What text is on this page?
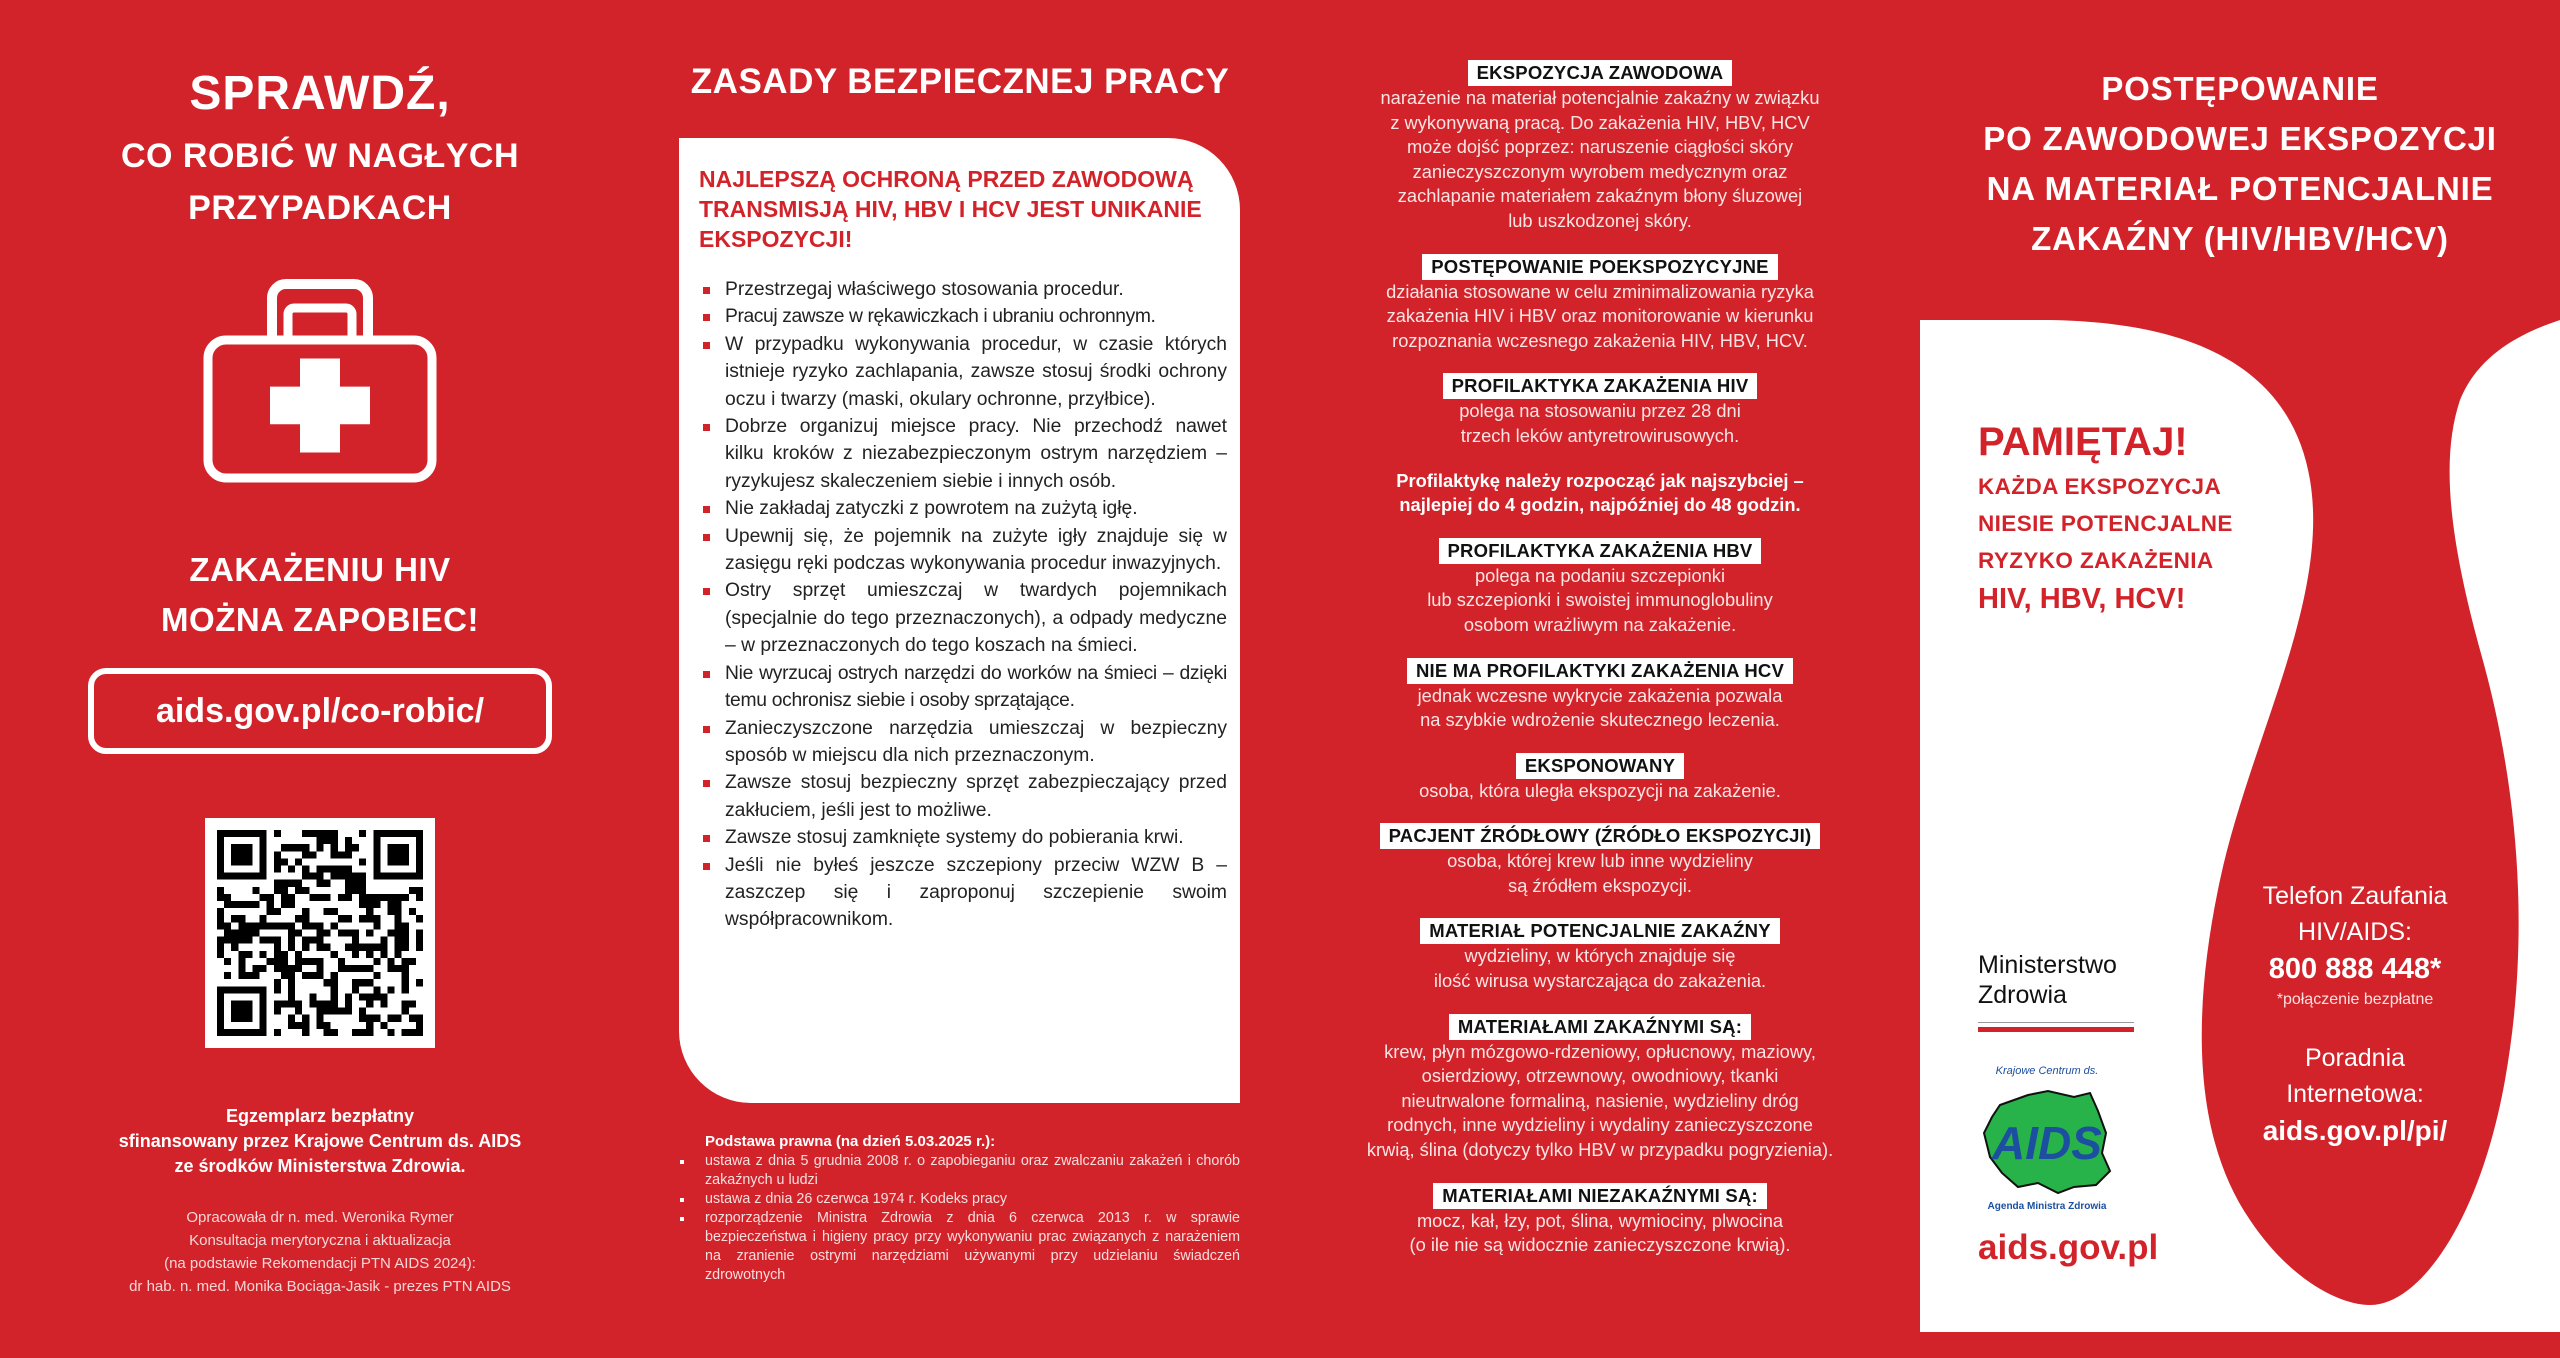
SPRAWDŹ,
CO ROBIĆ W NAGŁYCH
PRZYPADKACH
ZAKAŻENIU HIV
MOŻNA ZAPOBIEC!
aids.gov.pl/co-robic/
Egzemplarz bezpłatny
sfinansowany przez Krajowe Centrum ds. AIDS
ze środków Ministerstwa Zdrowia.
Opracowała dr n. med. Weronika Rymer
Konsultacja merytoryczna i aktualizacja
(na podstawie Rekomendacji PTN AIDS 2024):
dr hab. n. med. Monika Bociąga-Jasik - prezes PTN AIDS
ZASADY BEZPIECZNEJ PRACY
NAJLEPSZĄ OCHRONĄ PRZED ZAWODOWĄ TRANSMISJĄ HIV, HBV I HCV JEST UNIKANIE EKSPOZYCJI!
Przestrzegaj właściwego stosowania procedur.
Pracuj zawsze w rękawiczkach i ubraniu ochronnym.
W przypadku wykonywania procedur, w czasie których istnieje ryzyko zachlapania, zawsze stosuj środki ochrony oczu i twarzy (maski, okulary ochronne, przyłbice).
Dobrze organizuj miejsce pracy. Nie przechodź nawet kilku kroków z niezabezpieczonym ostrym narzędziem – ryzykujesz skaleczeniem siebie i innych osób.
Nie zakładaj zatyczki z powrotem na zużytą igłę.
Upewnij się, że pojemnik na zużyte igły znajduje się w zasięgu ręki podczas wykonywania procedur inwazyjnych.
Ostry sprzęt umieszczaj w twardych pojemnikach (specjalnie do tego przeznaczonych), a odpady medyczne – w przeznaczonych do tego koszach na śmieci.
Nie wyrzucaj ostrych narzędzi do worków na śmieci – dzięki temu ochronisz siebie i osoby sprzątające.
Zanieczyszczone narzędzia umieszczaj w bezpieczny sposób w miejscu dla nich przeznaczonym.
Zawsze stosuj bezpieczny sprzęt zabezpieczający przed zakłuciem, jeśli jest to możliwe.
Zawsze stosuj zamknięte systemy do pobierania krwi.
Jeśli nie byłeś jeszcze szczepiony przeciw WZW B – zaszczep się i zaproponuj szczepienie swoim współpracownikom.
Podstawa prawna (na dzień 5.03.2025 r.):
ustawa z dnia 5 grudnia 2008 r. o zapobieganiu oraz zwalczaniu zakażeń i chorób zakaźnych u ludzi
ustawa z dnia 26 czerwca 1974 r. Kodeks pracy
rozporządzenie Ministra Zdrowia z dnia 6 czerwca 2013 r. w sprawie bezpieczeństwa i higieny pracy przy wykonywaniu prac związanych z narażeniem na zranienie ostrymi narzędziami używanymi przy udzielaniu świadczeń zdrowotnych
EKSPOZYCJA ZAWODOWA
narażenie na materiał potencjalnie zakaźny w związku
z wykonywaną pracą. Do zakażenia HIV, HBV, HCV
może dojść poprzez: naruszenie ciągłości skóry
zanieczyszczonym wyrobem medycznym oraz
zachlapanie materiałem zakaźnym błony śluzowej
lub uszkodzonej skóry.
POSTĘPOWANIE POEKSPOZYCYJNE
działania stosowane w celu zminimalizowania ryzyka
zakażenia HIV i HBV oraz monitorowanie w kierunku
rozpoznania wczesnego zakażenia HIV, HBV, HCV.
PROFILAKTYKA ZAKAŻENIA HIV
polega na stosowaniu przez 28 dni
trzech leków antyretrowirusowych.
Profilaktykę należy rozpocząć jak najszybciej –
najlepiej do 4 godzin, najpóźniej do 48 godzin.
PROFILAKTYKA ZAKAŻENIA HBV
polega na podaniu szczepionki
lub szczepionki i swoistej immunoglobuliny
osobom wrażliwym na zakażenie.
NIE MA PROFILAKTYKI ZAKAŻENIA HCV
jednak wczesne wykrycie zakażenia pozwala
na szybkie wdrożenie skutecznego leczenia.
EKSPONOWANY
osoba, która uległa ekspozycji na zakażenie.
PACJENT ŹRÓDŁOWY (ŹRÓDŁO EKSPOZYCJI)
osoba, której krew lub inne wydzieliny
są źródłem ekspozycji.
MATERIAŁ POTENCJALNIE ZAKAŹNY
wydzieliny, w których znajduje się
ilość wirusa wystarczająca do zakażenia.
MATERIAŁAMI ZAKAŹNYMI SĄ:
krew, płyn mózgowo-rdzeniowy, opłucnowy, maziowy,
osierdziowy, otrzewnowy, owodniowy, tkanki
nieutrwalone formaliną, nasienie, wydzieliny dróg
rodnych, inne wydzieliny i wydaliny zanieczyszczone
krwią, ślina (dotyczy tylko HBV w przypadku pogryzienia).
MATERIAŁAMI NIEZAKAŹNYMI SĄ:
mocz, kał, łzy, pot, ślina, wymiociny, plwocina
(o ile nie są widocznie zanieczyszczone krwią).
POSTĘPOWANIE
PO ZAWODOWEJ EKSPOZYCJI
NA MATERIAŁ POTENCJALNIE
ZAKAŹNY (HIV/HBV/HCV)
PAMIĘTAJ!
KAŻDA EKSPOZYCJA
NIESIE POTENCJALNE
RYZYKO ZAKAŻENIA
HIV, HBV, HCV!
Telefon Zaufania
HIV/AIDS:
800 888 448*
*połączenie bezpłatne
Poradnia
Internetowa:
aids.gov.pl/pi/
Ministerstwo
Zdrowia
Krajowe Centrum ds.
AIDS
Agenda Ministra Zdrowia
aids.gov.pl
